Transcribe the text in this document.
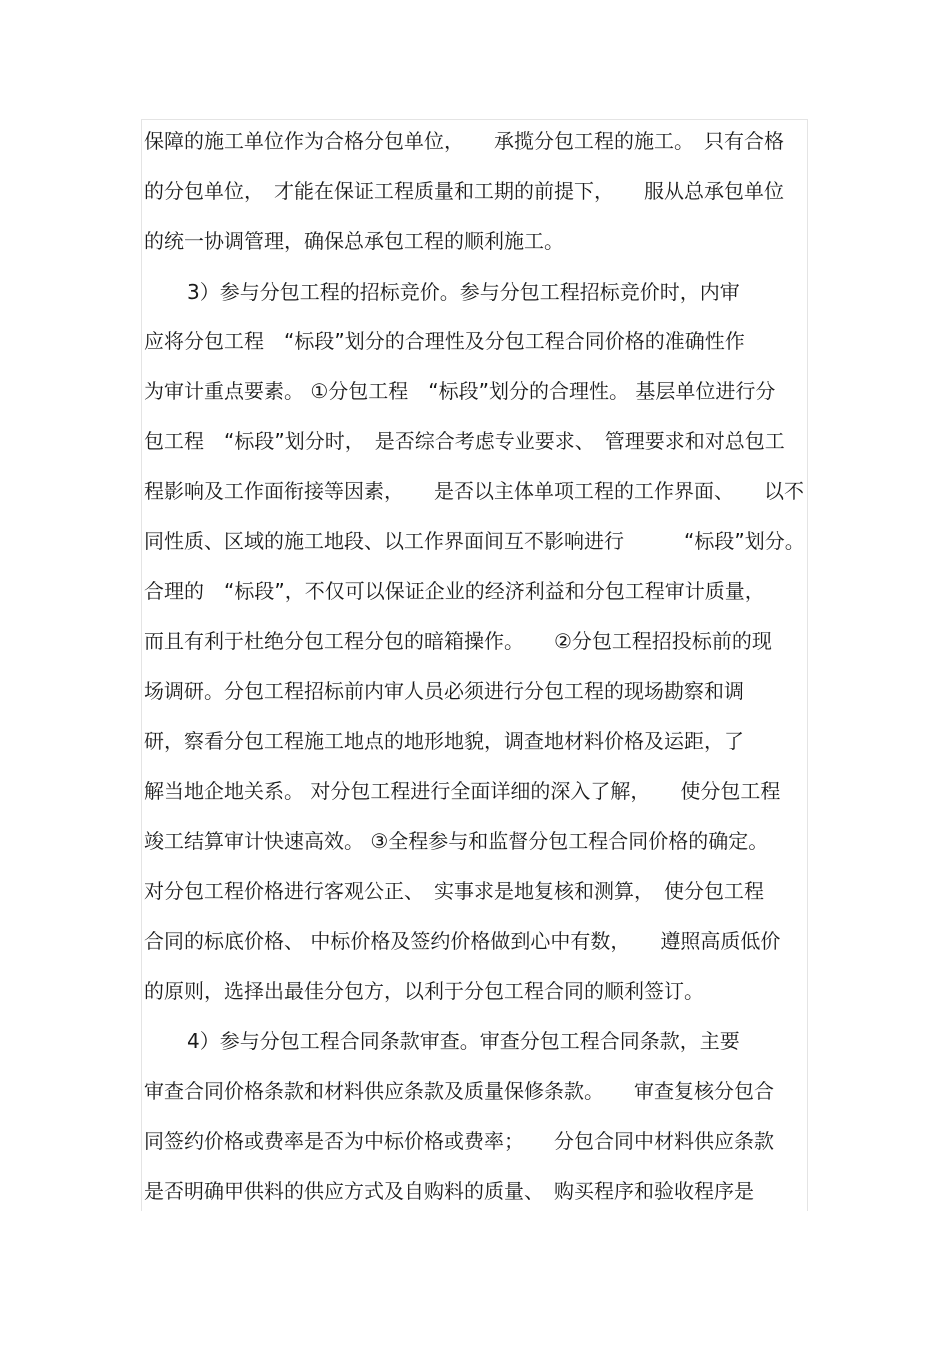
保障的施工单位作为合格分包单位，　　承揽分包工程的施工。　只有合格
的分包单位，　才能在保证工程质量和工期的前提下，　　服从总承包单位
的统一协调管理，确保总承包工程的顺利施工。
3）参与分包工程的招标竞价。参与分包工程招标竞价时，内审
应将分包工程　“标段”划分的合理性及分包工程合同价格的准确性作
为审计重点要素。 ①分包工程　“标段”划分的合理性。 基层单位进行分
包工程　“标段”划分时，　是否综合考虑专业要求、　管理要求和对总包工
程影响及工作面衔接等因素，　　是否以主体单项工程的工作界面、　　以不
同性质、区域的施工地段、以工作界面间互不影响进行　　　“标段”划分。
合理的　“标段”，不仅可以保证企业的经济利益和分包工程审计质量，
而且有利于杜绝分包工程分包的暗箱操作。　　②分包工程招投标前的现
场调研。分包工程招标前内审人员必须进行分包工程的现场勘察和调
研，察看分包工程施工地点的地形地貌，调查地材料价格及运距，了
解当地企地关系。 对分包工程进行全面详细的深入了解，　　使分包工程
竣工结算审计快速高效。 ③全程参与和监督分包工程合同价格的确定。
对分包工程价格进行客观公正、　实事求是地复核和测算，　使分包工程
合同的标底价格、 中标价格及签约价格做到心中有数，　　遵照高质低价
的原则，选择出最佳分包方，以利于分包工程合同的顺利签订。
4）参与分包工程合同条款审查。审查分包工程合同条款，主要
审查合同价格条款和材料供应条款及质量保修条款。　　审查复核分包合
同签约价格或费率是否为中标价格或费率；　　分包合同中材料供应条款
是否明确甲供料的供应方式及自购料的质量、　购买程序和验收程序是
